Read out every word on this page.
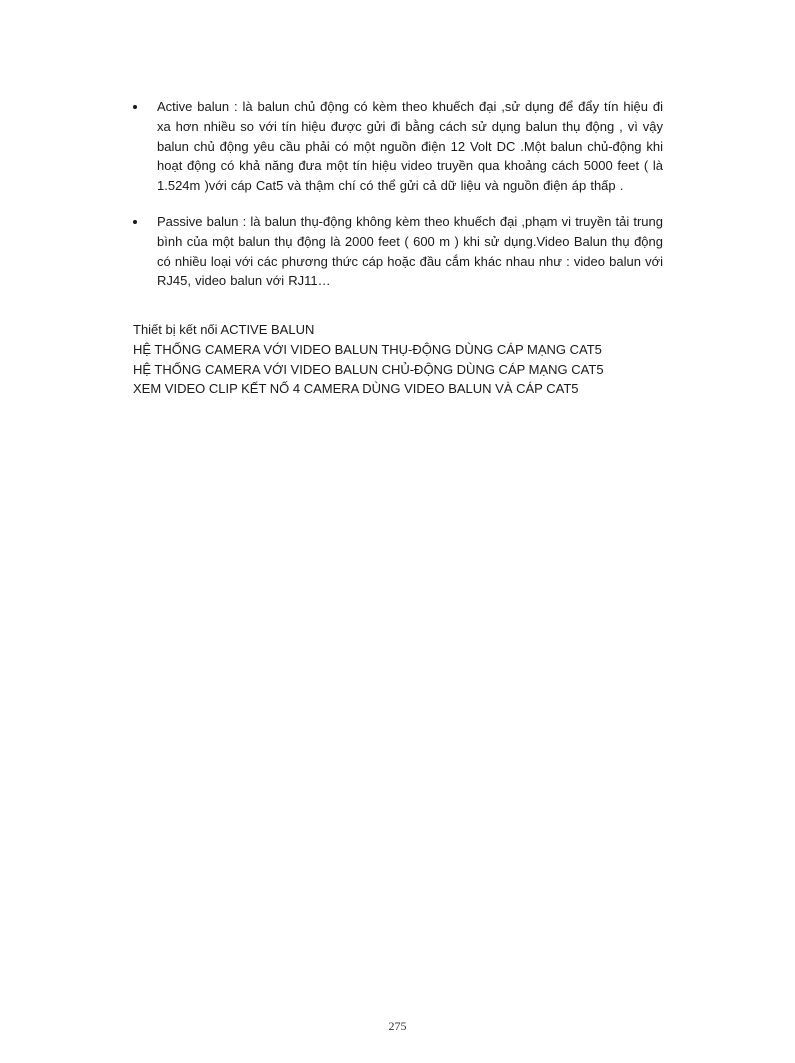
Active balun : là balun chủ động có kèm theo khuếch đại ,sử dụng để đẩy tín hiệu đi xa hơn nhiều so với tín hiệu được gửi đi bằng cách sử dụng balun thụ động , vì vậy balun chủ động yêu cầu phải có một nguồn điện 12 Volt DC .Một balun chủ-động khi hoạt động có khả năng đưa một tín hiệu video truyền qua khoảng cách 5000 feet ( là 1.524m )với cáp Cat5 và thậm chí có thể gửi cả dữ liệu và nguồn điện áp thấp .
Passive balun : là balun thụ-động không kèm theo khuếch đại ,phạm vi truyền tải trung bình của một balun thụ động là 2000 feet ( 600 m ) khi sử dụng.Video Balun thụ động có nhiều loại với các phương thức cáp hoặc đầu cắm khác nhau như : video balun với RJ45, video balun với RJ11…
Thiết bị kết nối ACTIVE BALUN
HỆ THỐNG CAMERA VỚI VIDEO BALUN THỤ-ĐỘNG DÙNG CÁP MẠNG CAT5
HỆ THỐNG CAMERA VỚI VIDEO BALUN CHỦ-ĐỘNG DÙNG CÁP MẠNG CAT5
XEM VIDEO CLIP KẾT NỐ 4 CAMERA DÙNG VIDEO BALUN VÀ CÁP CAT5
275
